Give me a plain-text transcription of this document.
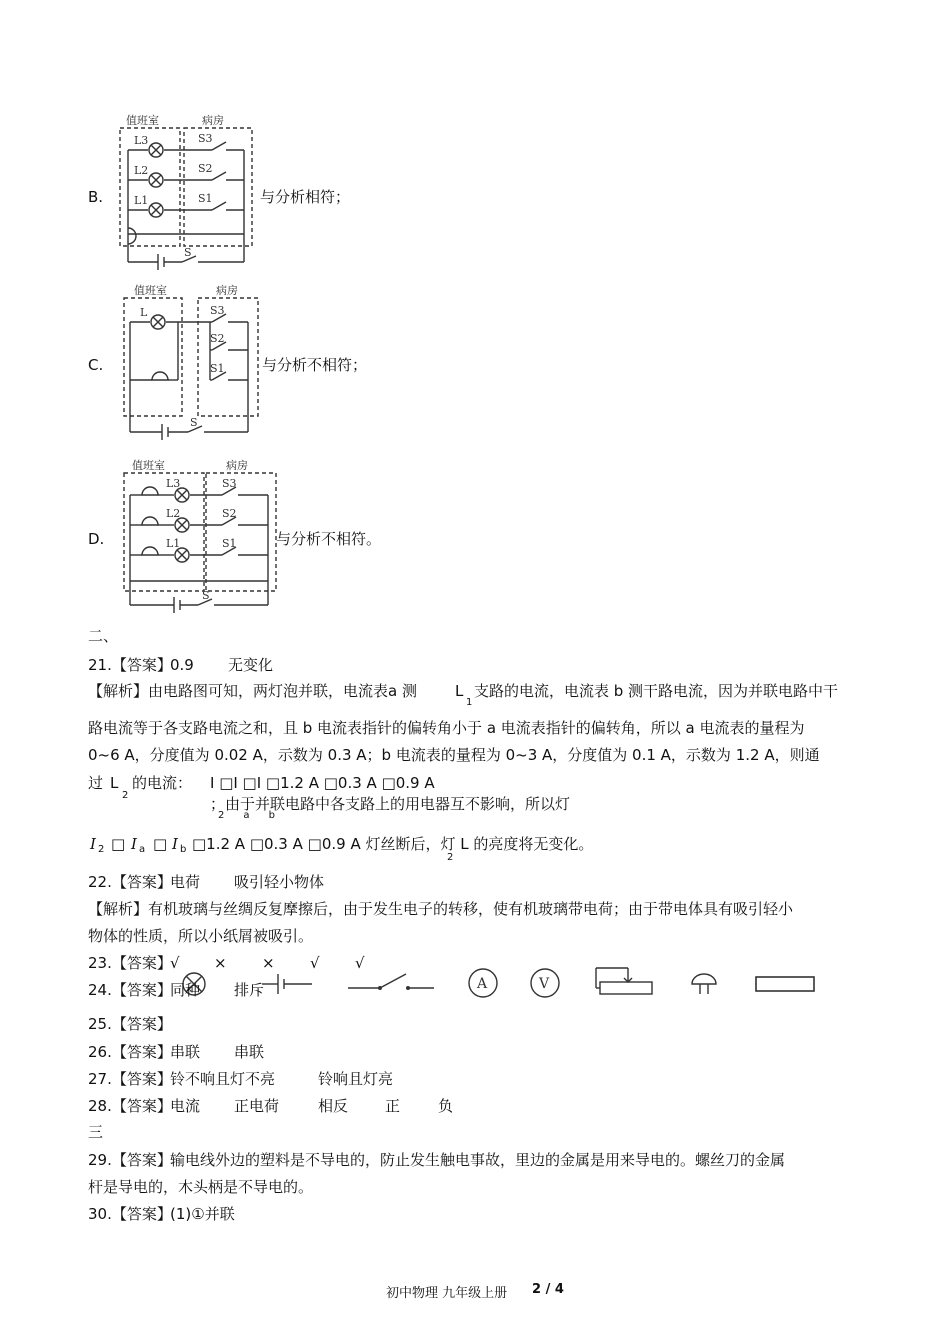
值班室	病房
L3
L2
L1
S3
S2
S1
S
B.	与分析相符；
值班室	病房
L	S3
S2
S1
S
C.	与分析不相符；
值班室	病房
L3
L2
L1
S3
S2
S1
S
D.	与分析不相符。
二、
21.【答案】
0.9 无变化
【解析】由电路图可知，两灯泡并联，电流表a 测	L
1
支路的电流，电流表 b 测干路电流，因为并联电路中干
路电流等于各支路电流之和，且 b 电流表指针的偏转角小于 a 电流表指针的偏转角，所以 a 电流表的量程为
0~6 A，分度值为 0.02 A，示数为 0.3 A；b 电流表的量程为 0~3 A，分度值为 0.1 A，示数为 1.2 A，则通
过 L
2
的电流： I □I □I □1.2 A □0.3 A □0.9 A
2      a      b
；由于并联电路中各支路上的用电器互不影响，所以灯
I 2 □ I a □ I b □1.2 A □0.3 A □0.9 A 灯丝断后，灯 L 的亮度将无变化。
2
22.【答案】
电荷 吸引轻小物体
【解析】有机玻璃与丝绸反复摩擦后，由于发生电子的转移，使有机玻璃带电荷；由于带电体具有吸引轻小
物体的性质，所以小纸屑被吸引。
23.【答案】
√ × × √ √
A	V
24.【答案】
同种 排斥
25.【答案】
26.【答案】
串联 串联
27.【答案】
铃不响且灯不亮	铃响且灯亮
28.【答案】
电流 正电荷	相反 正	负
三
29.【答案】
输电线外边的塑料是不导电的，防止发生触电事故，里边的金属是用来导电的。螺丝刀的金属
杆是导电的，木头柄是不导电的。
30.【答案】
(1)①并联
初中物理 九年级上册 2 / 4
